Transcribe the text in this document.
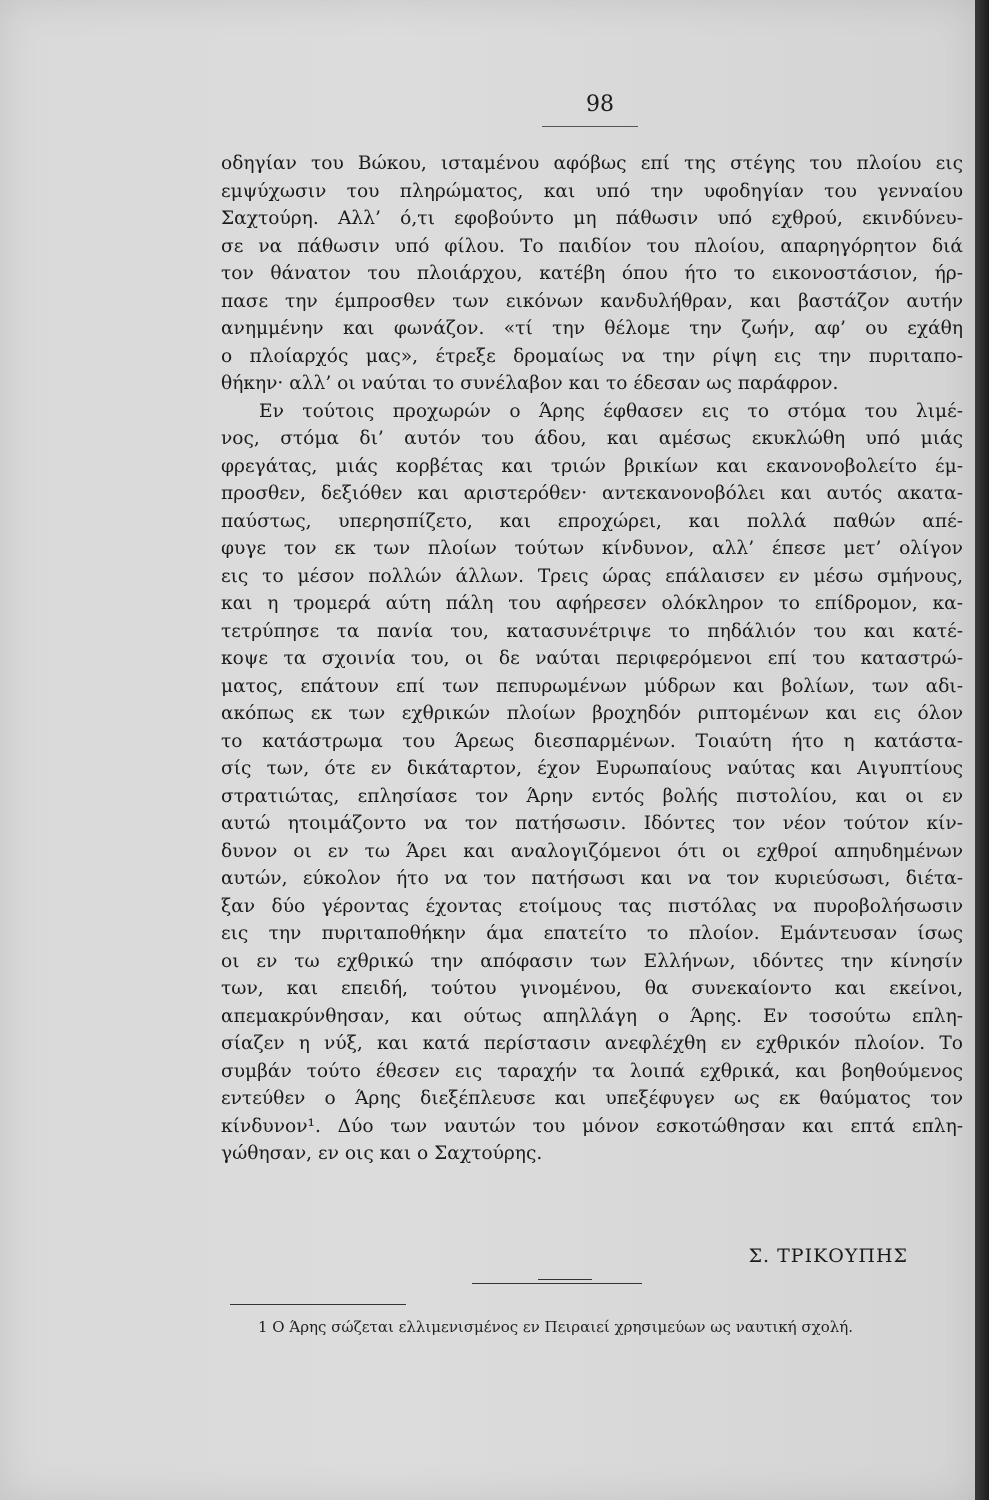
98
οδηγίαν του Βώκου, ισταμένου αφόβως επί της στέγης του πλοίου εις
εμψύχωσιν του πληρώματος, και υπό την υφοδηγίαν του γενναίου
Σαχτούρη. Αλλ’ ό,τι εφοβούντο μη πάθωσιν υπό εχθρού, εκινδύνευ-
σε να πάθωσιν υπό φίλου. Το παιδίον του πλοίου, απαρηγόρητον διά
τον θάνατον του πλοιάρχου, κατέβη όπου ήτο το εικονοστάσιον, ήρ-
πασε την έμπροσθεν των εικόνων κανδυλήθραν, και βαστάζον αυτήν
ανημμένην και φωνάζον. «τί την θέλομε την ζωήν, αφ’ ου εχάθη
ο πλοίαρχός μας», έτρεξε δρομαίως να την ρίψη εις την πυριταπο-
θήκην· αλλ’ οι ναύται το συνέλαβον και το έδεσαν ως παράφρον.
Εν τούτοις προχωρών ο Άρης έφθασεν εις το στόμα του λιμέ-
νος, στόμα δι’ αυτόν του άδου, και αμέσως εκυκλώθη υπό μιάς
φρεγάτας, μιάς κορβέτας και τριών βρικίων και εκανονοβολείτο έμ-
προσθεν, δεξιόθεν και αριστερόθεν· αντεκανονοβόλει και αυτός ακατα-
παύστως, υπερησπίζετο, και επροχώρει, και πολλά παθών απέ-
φυγε τον εκ των πλοίων τούτων κίνδυνον, αλλ’ έπεσε μετ’ ολίγον
εις το μέσον πολλών άλλων. Τρεις ώρας επάλαισεν εν μέσω σμήνους,
και η τρομερά αύτη πάλη του αφήρεσεν ολόκληρον το επίδρομον, κα-
τετρύπησε τα πανία του, κατασυνέτριψε το πηδάλιόν του και κατέ-
κοψε τα σχοινία του, οι δε ναύται περιφερόμενοι επί του καταστρώ-
ματος, επάτουν επί των πεπυρωμένων μύδρων και βολίων, των αδι-
ακόπως εκ των εχθρικών πλοίων βροχηδόν ριπτομένων και εις όλον
το κατάστρωμα του Άρεως διεσπαρμένων. Τοιαύτη ήτο η κατάστα-
σίς των, ότε εν δικάταρτον, έχον Ευρωπαίους ναύτας και Αιγυπτίους
στρατιώτας, επλησίασε τον Άρην εντός βολής πιστολίου, και οι εν
αυτώ ητοιμάζοντο να τον πατήσωσιν. Ιδόντες τον νέον τούτον κίν-
δυνον οι εν τω Άρει και αναλογιζόμενοι ότι οι εχθροί απηυδημένων
αυτών, εύκολον ήτο να τον πατήσωσι και να τον κυριεύσωσι, διέτα-
ξαν δύο γέροντας έχοντας ετοίμους τας πιστόλας να πυροβολήσωσιν
εις την πυριταποθήκην άμα επατείτο το πλοίον. Εμάντευσαν ίσως
οι εν τω εχθρικώ την απόφασιν των Ελλήνων, ιδόντες την κίνησίν
των, και επειδή, τούτου γινομένου, θα συνεκαίοντο και εκείνοι,
απεμακρύνθησαν, και ούτως απηλλάγη ο Άρης. Εν τοσούτω επλη-
σίαζεν η νύξ, και κατά περίστασιν ανεφλέχθη εν εχθρικόν πλοίον. Το
συμβάν τούτο έθεσεν εις ταραχήν τα λοιπά εχθρικά, και βοηθούμενος
εντεύθεν ο Άρης διεξέπλευσε και υπεξέφυγεν ως εκ θαύματος τον
κίνδυνον¹. Δύο των ναυτών του μόνον εσκοτώθησαν και επτά επλη-
γώθησαν, εν οις και ο Σαχτούρης.
Σ. ΤΡΙΚΟΥΠΗΣ
1 Ο Άρης σώζεται ελλιμενισμένος εν Πειραιεί χρησιμεύων ως ναυτική σχολή.
